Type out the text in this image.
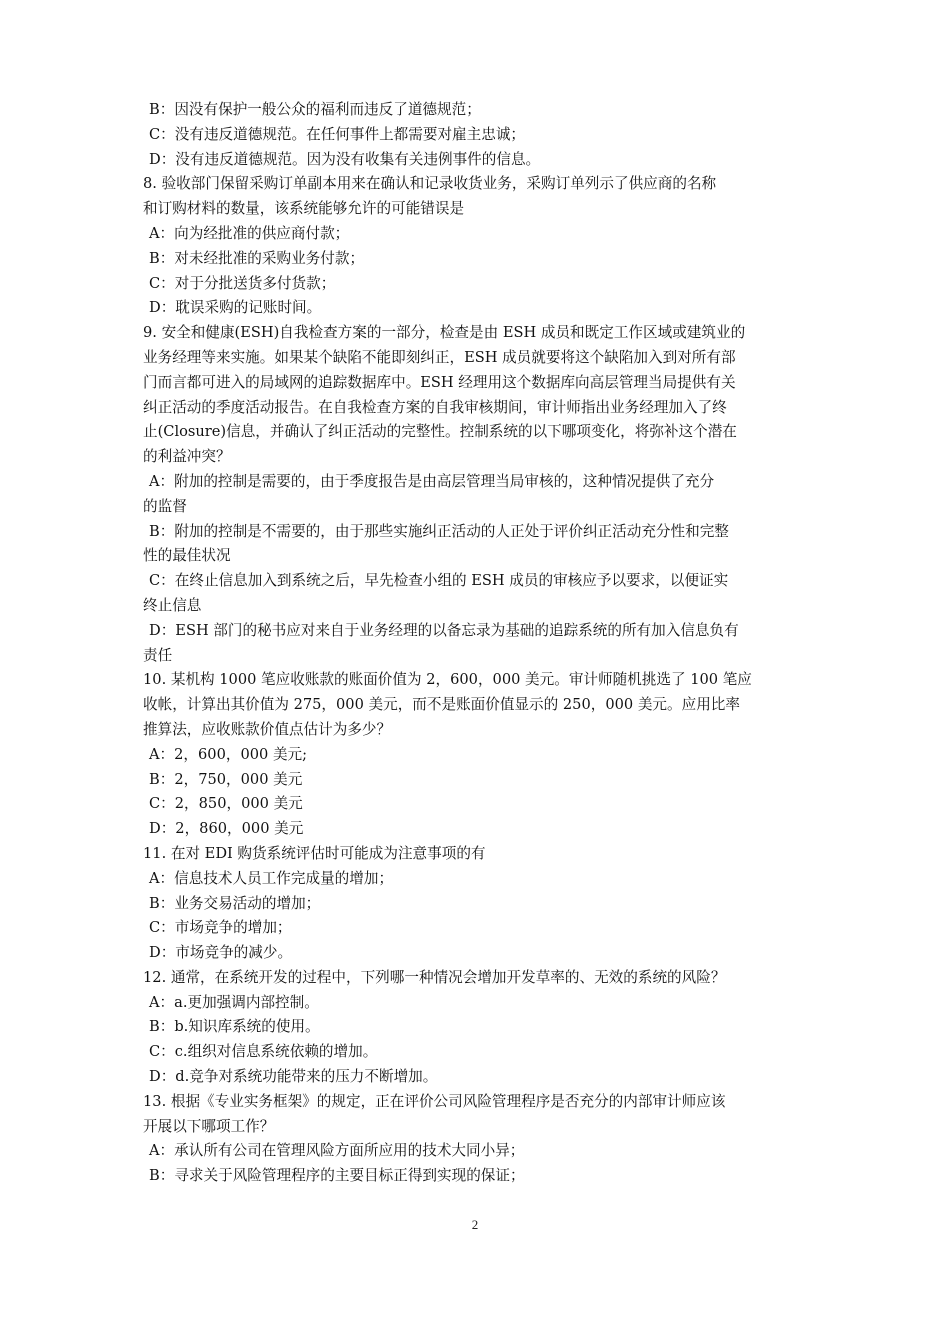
B：因没有保护一般公众的福利而违反了道德规范；
C：没有违反道德规范。在任何事件上都需要对雇主忠诚；
D：没有违反道德规范。因为没有收集有关违例事件的信息。
8. 验收部门保留采购订单副本用来在确认和记录收货业务，采购订单列示了供应商的名称
和订购材料的数量，该系统能够允许的可能错误是
A：向为经批准的供应商付款；
B：对未经批准的采购业务付款；
C：对于分批送货多付货款；
D：耽误采购的记账时间。
9. 安全和健康(ESH)自我检查方案的一部分，检查是由 ESH 成员和既定工作区域或建筑业的
业务经理等来实施。如果某个缺陷不能即刻纠正，ESH 成员就要将这个缺陷加入到对所有部
门而言都可进入的局域网的追踪数据库中。ESH 经理用这个数据库向高层管理当局提供有关
纠正活动的季度活动报告。在自我检查方案的自我审核期间，审计师指出业务经理加入了终
止(Closure)信息，并确认了纠正活动的完整性。控制系统的以下哪项变化，将弥补这个潜在
的利益冲突？
A：附加的控制是需要的，由于季度报告是由高层管理当局审核的，这种情况提供了充分
的监督
B：附加的控制是不需要的，由于那些实施纠正活动的人正处于评价纠正活动充分性和完整
性的最佳状况
C：在终止信息加入到系统之后，早先检查小组的 ESH 成员的审核应予以要求，以便证实
终止信息
D：ESH 部门的秘书应对来自于业务经理的以备忘录为基础的追踪系统的所有加入信息负有
责任
10. 某机构 1000 笔应收账款的账面价值为 2，600，000 美元。审计师随机挑选了 100 笔应
收帐，计算出其价值为 275，000 美元，而不是账面价值显示的 250，000 美元。应用比率
推算法，应收账款价值点估计为多少？
A：2，600，000 美元;
B：2，750，000 美元
C：2，850，000 美元
D：2，860，000 美元
11. 在对 EDI 购货系统评估时可能成为注意事项的有
A：信息技术人员工作完成量的增加；
B：业务交易活动的增加；
C：市场竞争的增加；
D：市场竞争的减少。
12. 通常，在系统开发的过程中，下列哪一种情况会增加开发草率的、无效的系统的风险？
A：a.更加强调内部控制。
B：b.知识库系统的使用。
C：c.组织对信息系统依赖的增加。
D：d.竞争对系统功能带来的压力不断增加。
13. 根据《专业实务框架》的规定，正在评价公司风险管理程序是否充分的内部审计师应该
开展以下哪项工作？
A：承认所有公司在管理风险方面所应用的技术大同小异；
B：寻求关于风险管理程序的主要目标正得到实现的保证；
2
